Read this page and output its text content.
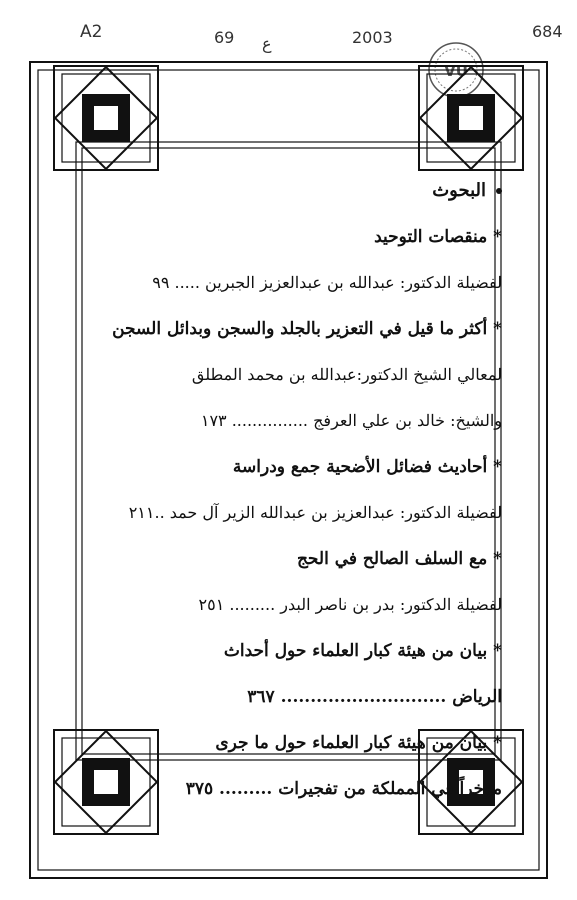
A2	69 ع	2003	684
VU
البحوث
* منقصات التوحيد
لفضيلة الدكتور: عبدالله بن عبدالعزيز الجبرين ..... ٩٩
* أكثر ما قيل في التعزير بالجلد والسجن وبدائل السجن
لمعالي الشيخ الدكتور:عبدالله بن محمد المطلق
والشيخ: خالد بن علي العرفج ............... ١٧٣
* أحاديث فضائل الأضحية جمع ودراسة
لفضيلة الدكتور: عبدالعزيز بن عبدالله الزير آل حمد ..٢١١
* مع السلف الصالح في الحج
لفضيلة الدكتور: بدر بن ناصر البدر ......... ٢٥١
* بيان من هيئة كبار العلماء حول أحداث
الرياض ............................ ٣٦٧
* بيان من هيئة كبار العلماء حول ما جرى
مؤخراً في المملكة من تفجيرات ......... ٣٧٥
